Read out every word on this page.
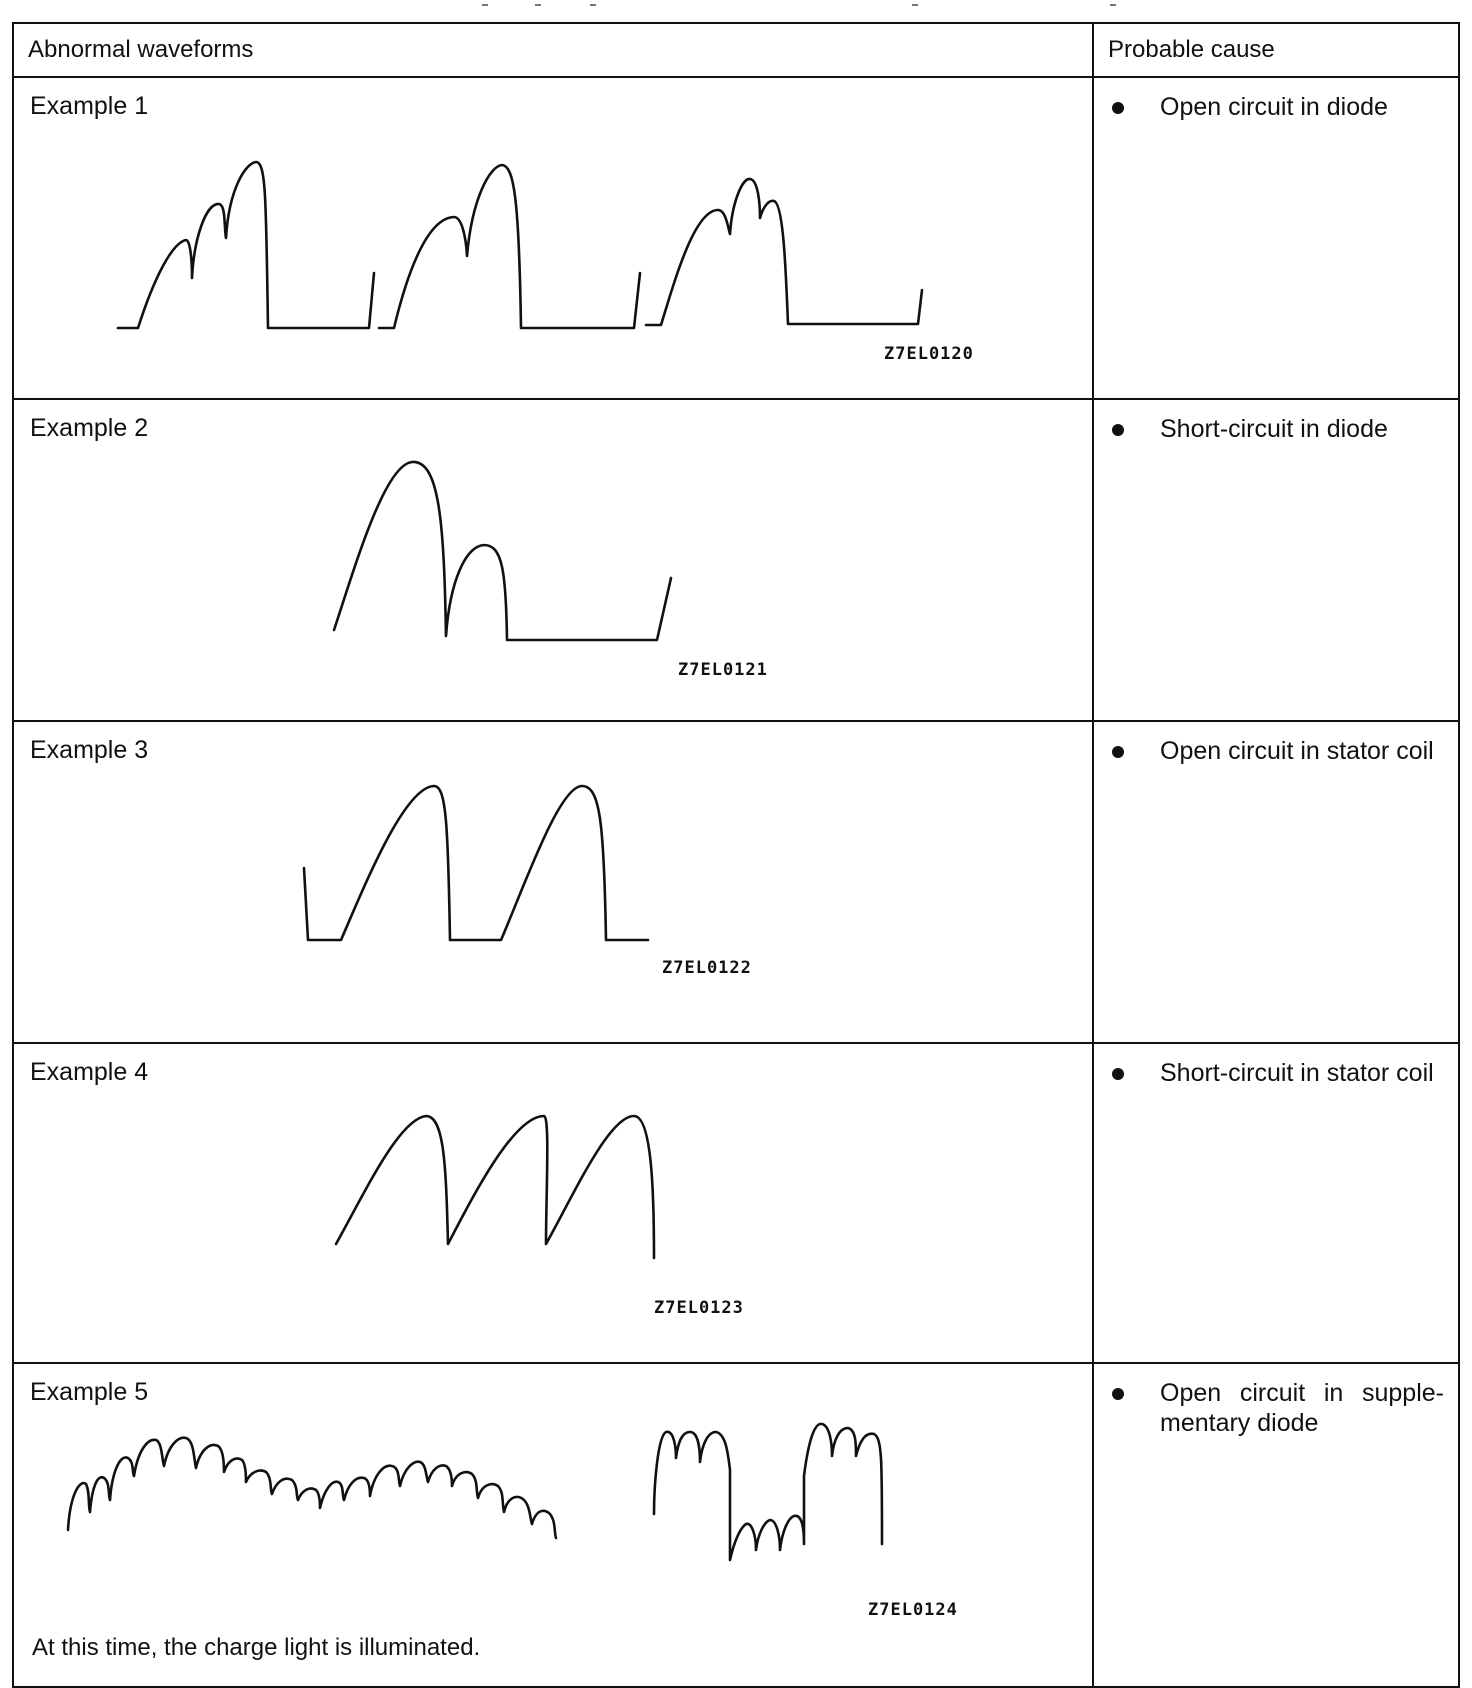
Abnormal waveforms	Probable cause

Example 1
Z7EL0120	Open circuit in diode

Example 2
Z7EL0121	Short-circuit in diode

Example 3
Z7EL0122	Open circuit in stator coil

Example 4
Z7EL0123	Short-circuit in stator coil

Example 5
Z7EL0124
At this time, the charge light is illuminated.	Open circuit in supple-mentary diode
